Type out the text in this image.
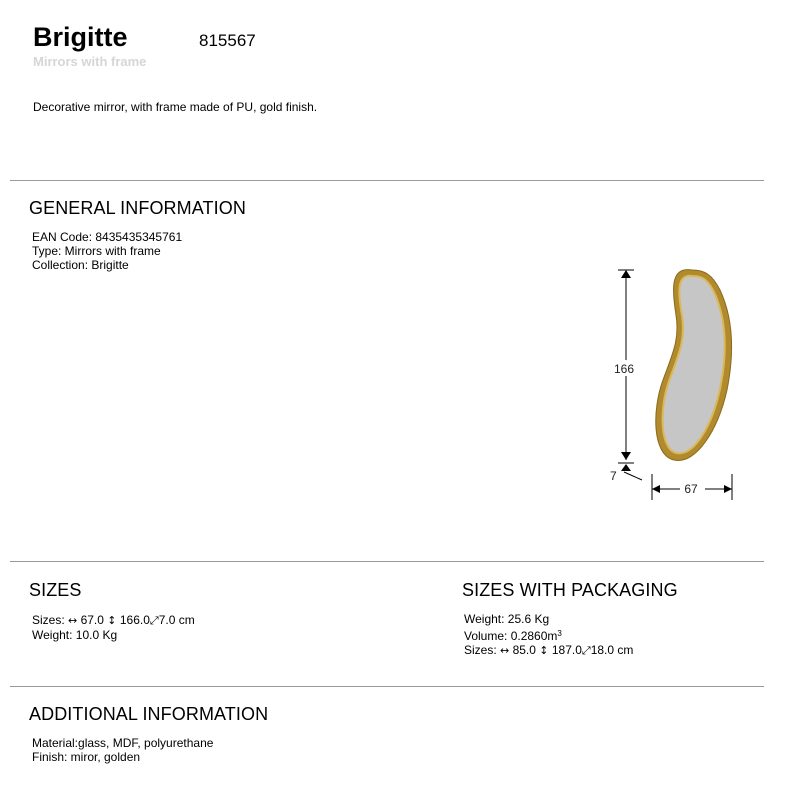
Brigitte	815567
Mirrors with frame
Decorative mirror, with frame made of PU, gold finish.
GENERAL INFORMATION
EAN Code: 8435435345761
Type: Mirrors with frame
Collection: Brigitte
166
7
67
SIZES
Sizes: ↔ 67.0 ↕ 166.0⤢7.0 cm
Weight: 10.0 Kg
SIZES WITH PACKAGING
Weight: 25.6 Kg
Volume: $0.2860m^3$
Sizes: ↔ 85.0 ↕ 187.0⤢18.0 cm
ADDITIONAL INFORMATION
Material:glass, MDF, polyurethane
Finish: miror, golden
